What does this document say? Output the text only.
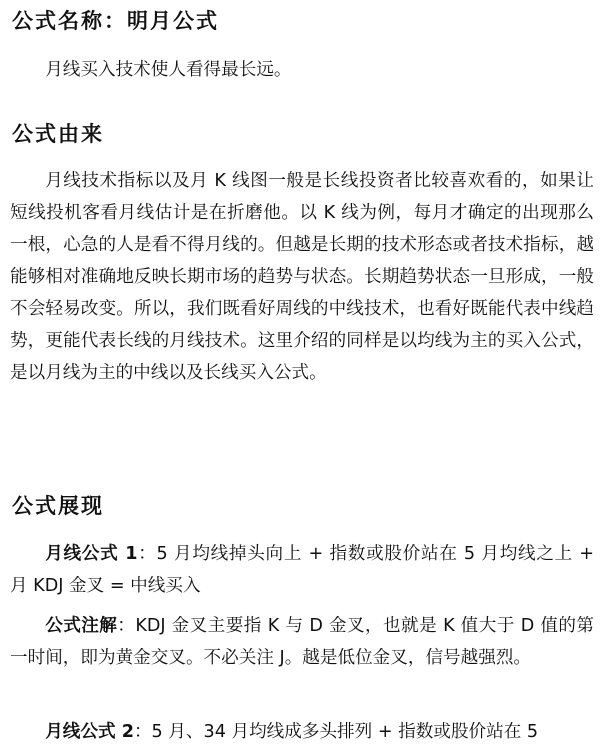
公式名称：明月公式

月线买入技术使人看得最长远。

公式由来

月线技术指标以及月 K 线图一般是长线投资者比较喜欢看的，如果让短线投机客看月线估计是在折磨他。以 K 线为例，每月才确定的出现那么一根，心急的人是看不得月线的。但越是长期的技术形态或者技术指标，越能够相对准确地反映长期市场的趋势与状态。长期趋势状态一旦形成，一般不会轻易改变。所以，我们既看好周线的中线技术，也看好既能代表中线趋势，更能代表长线的月线技术。这里介绍的同样是以均线为主的买入公式，是以月线为主的中线以及长线买入公式。

公式展现

月线公式 1：5 月均线掉头向上 + 指数或股价站在 5 月均线之上 + 月 KDJ 金叉 = 中线买入

公式注解：KDJ 金叉主要指 K 与 D 金叉，也就是 K 值大于 D 值的第一时间，即为黄金交叉。不必关注 J。越是低位金叉，信号越强烈。

月线公式 2：5 月、34 月均线成多头排列 + 指数或股价站在 5
